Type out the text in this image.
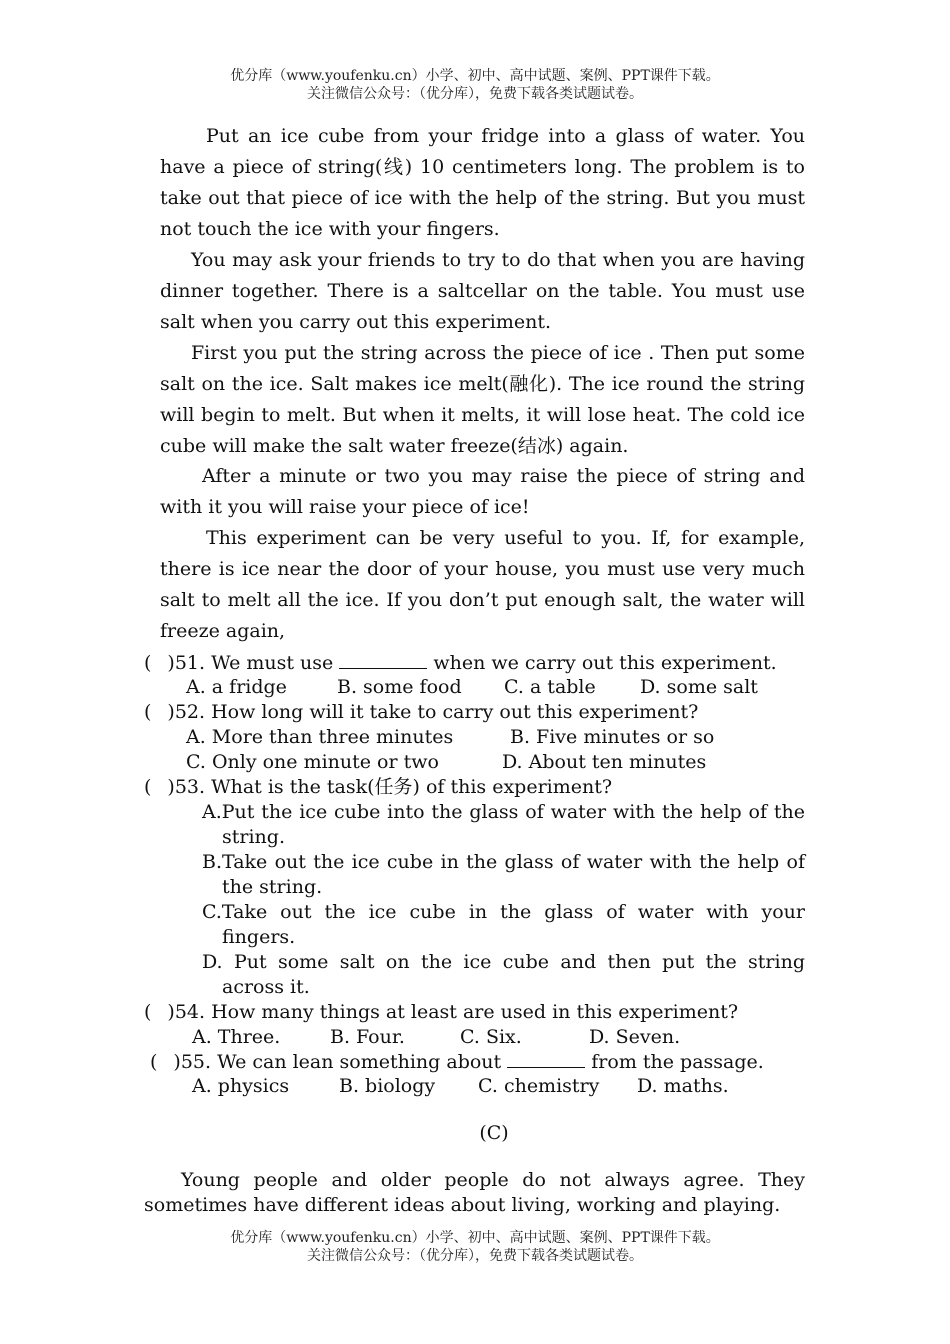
优分库（www.youfenku.cn）小学、初中、高中试题、案例、PPT课件下载。
关注微信公众号：（优分库），免费下载各类试题试卷。

Put an ice cube from your fridge into a glass of water. You have a piece of string(线) 10 centimeters long. The problem is to take out that piece of ice with the help of the string. But you must not touch the ice with your fingers.

You may ask your friends to try to do that when you are having dinner together. There is a saltcellar on the table. You must use salt when you carry out this experiment.

First you put the string across the piece of ice . Then put some salt on the ice. Salt makes ice melt(融化). The ice round the string will begin to melt. But when it melts, it will lose heat. The cold ice cube will make the salt water freeze(结冰) again.

After a minute or two you may raise the piece of string and with it you will raise your piece of ice!

This experiment can be very useful to you. If, for example, there is ice near the door of your house, you must use very much salt to melt all the ice. If you don’t put enough salt, the water will freeze again,

( )51. We must use	when we carry out this experiment.
A. a fridge	B. some food C. a table D. some salt
( )52. How long will it take to carry out this experiment?
A. More than three minutes	B. Five minutes or so
C. Only one minute or two	D. About ten minutes
( )53. What is the task(任务) of this experiment?
A.Put the ice cube into the glass of water with the help of the
string.
B.Take out the ice cube in the glass of water with the help of
the string.
C.Take out the ice cube in the glass of water with your
fingers.
D. Put some salt on the ice cube and then put the string
across it.
( )54. How many things at least are used in this experiment?
A. Three.	B. Four.	C. Six.	D. Seven.
( )55. We can lean something about	from the passage.
A. physics	B. biology C. chemistry D. maths.
(C)

Young people and older people do not always agree. They sometimes have different ideas about living, working and playing.

优分库（www.youfenku.cn）小学、初中、高中试题、案例、PPT课件下载。
关注微信公众号：（优分库），免费下载各类试题试卷。
